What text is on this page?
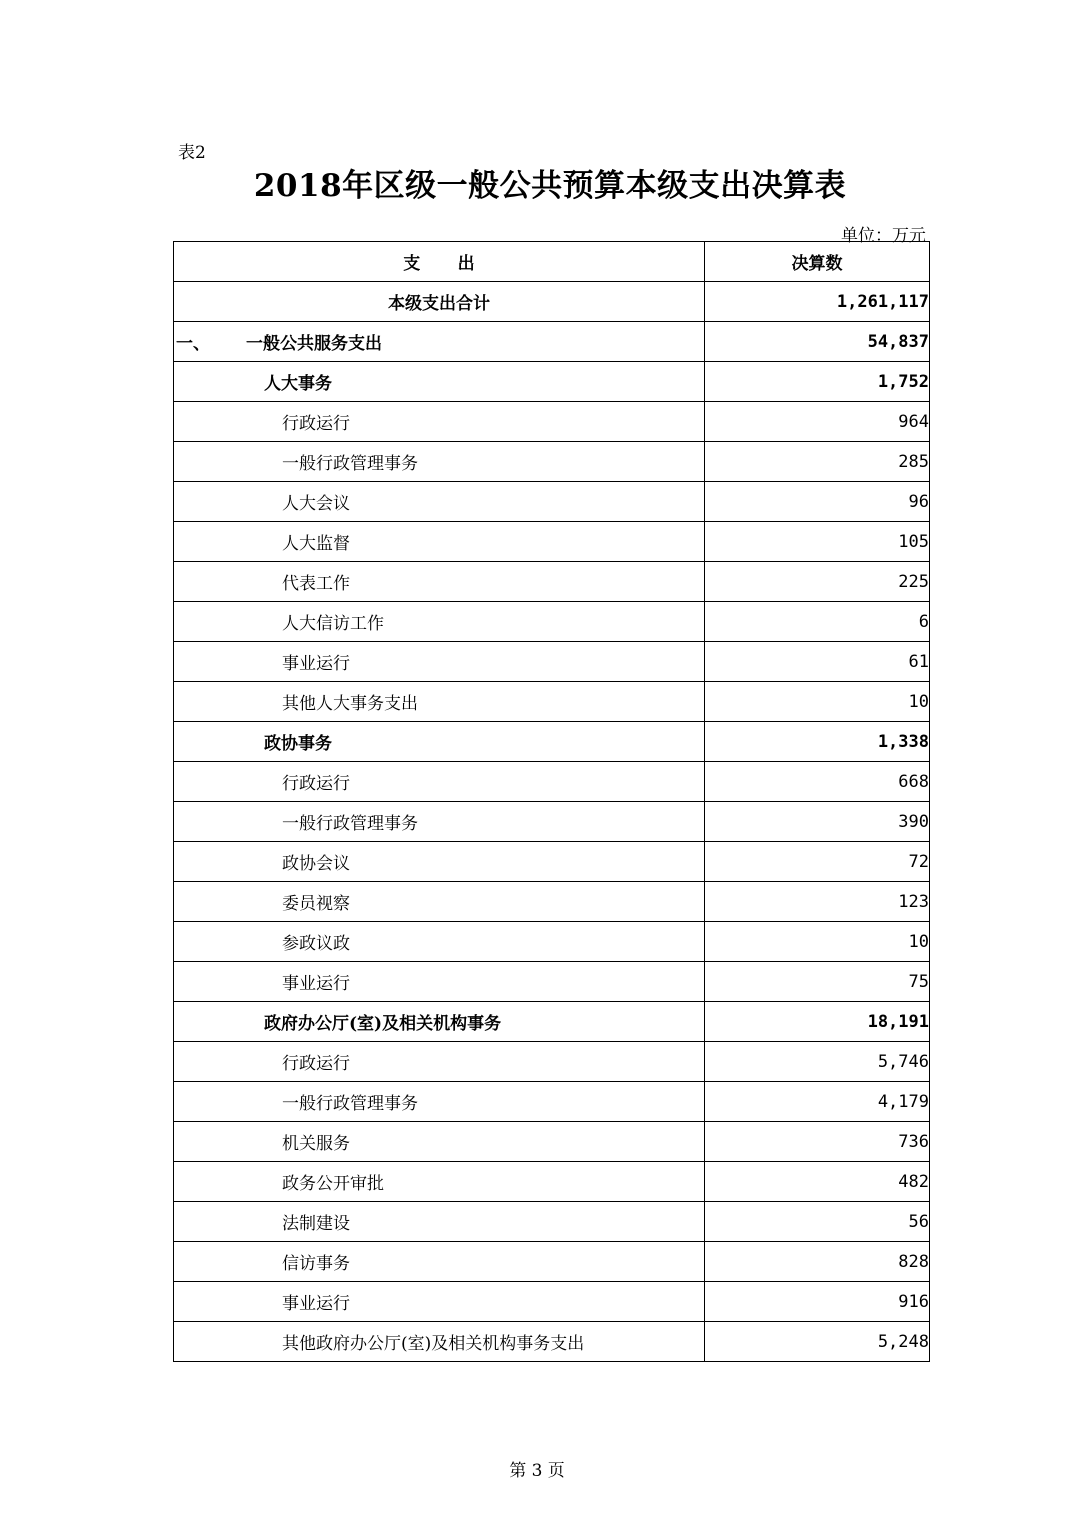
表2
2018年区级一般公共预算本级支出决算表
单位：万元
支出	决算数
本级支出合计	1,261,117
一、 一般公共服务支出	54,837
人大事务	1,752
行政运行	964
一般行政管理事务	285
人大会议	96
人大监督	105
代表工作	225
人大信访工作	6
事业运行	61
其他人大事务支出	10
政协事务	1,338
行政运行	668
一般行政管理事务	390
政协会议	72
委员视察	123
参政议政	10
事业运行	75
政府办公厅(室)及相关机构事务	18,191
行政运行	5,746
一般行政管理事务	4,179
机关服务	736
政务公开审批	482
法制建设	56
信访事务	828
事业运行	916
其他政府办公厅(室)及相关机构事务支出	5,248
第 3 页
